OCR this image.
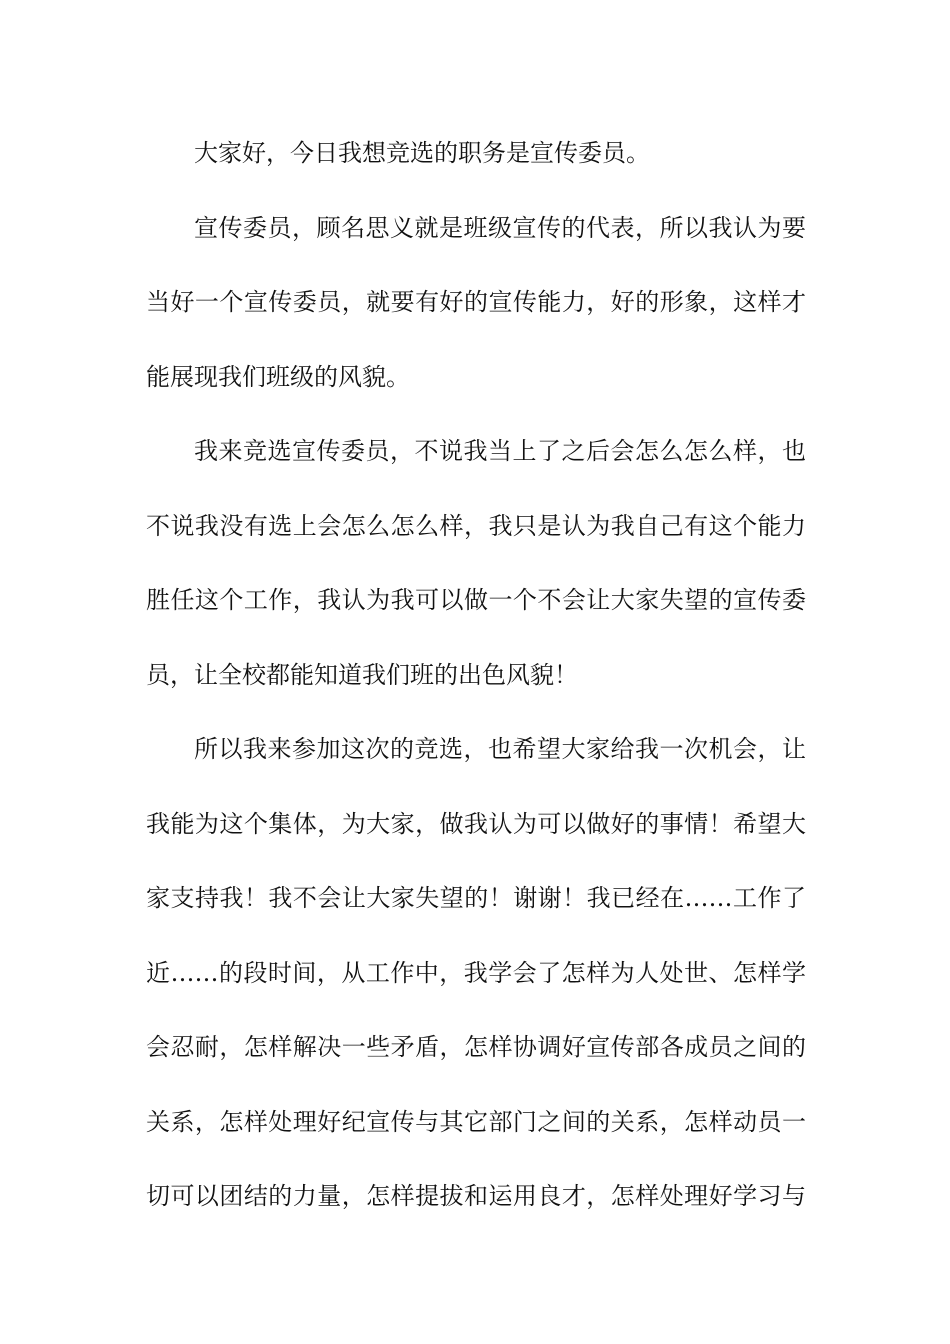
大家好，今日我想竞选的职务是宣传委员。
宣传委员，顾名思义就是班级宣传的代表，所以我认为要
当好一个宣传委员，就要有好的宣传能力，好的形象，这样才
能展现我们班级的风貌。
我来竞选宣传委员，不说我当上了之后会怎么怎么样，也
不说我没有选上会怎么怎么样，我只是认为我自己有这个能力
胜任这个工作，我认为我可以做一个不会让大家失望的宣传委
员，让全校都能知道我们班的出色风貌！
所以我来参加这次的竞选，也希望大家给我一次机会，让
我能为这个集体，为大家，做我认为可以做好的事情！希望大
家支持我！我不会让大家失望的！谢谢！我已经在……工作了
近……的段时间，从工作中，我学会了怎样为人处世、怎样学
会忍耐，怎样解决一些矛盾，怎样协调好宣传部各成员之间的
关系，怎样处理好纪宣传与其它部门之间的关系，怎样动员一
切可以团结的力量，怎样提拔和运用良才，怎样处理好学习与
